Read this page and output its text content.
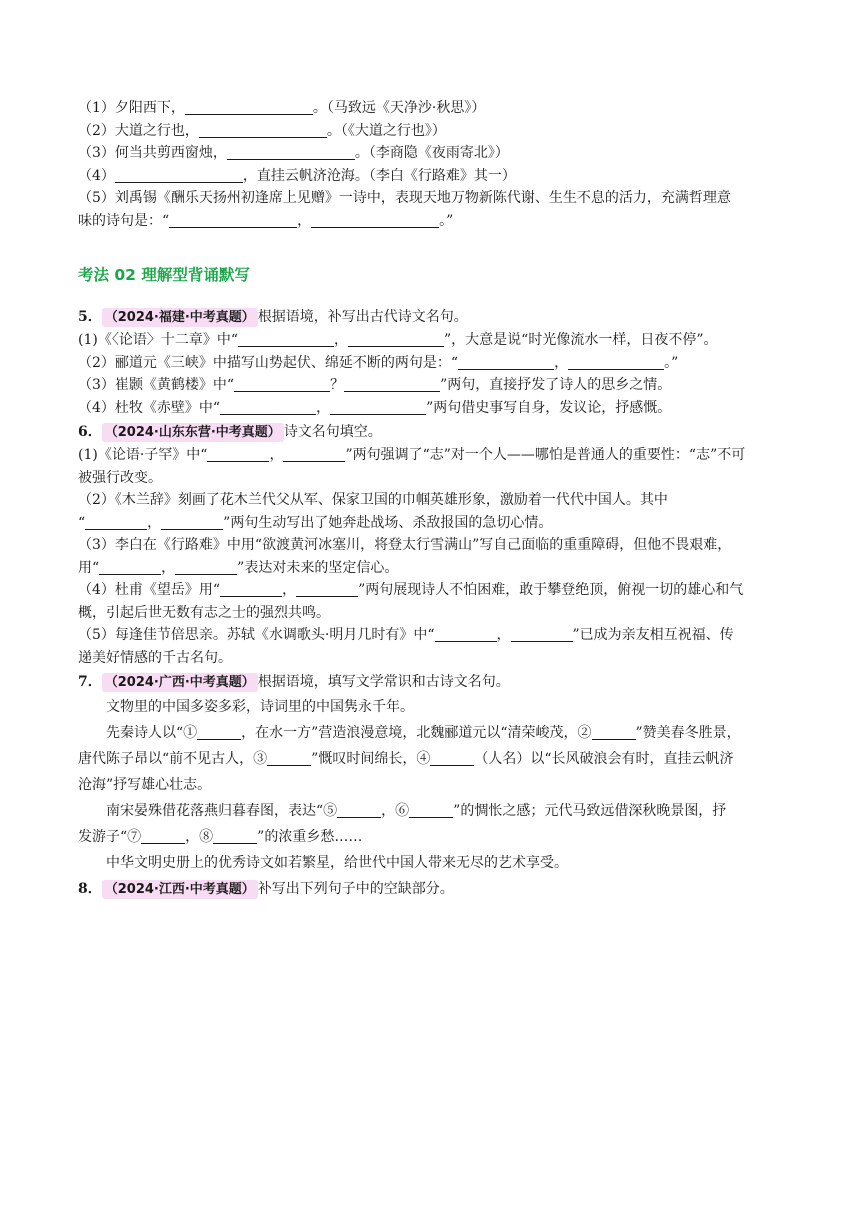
（1）夕阳西下，	。（马致远《天净沙·秋思》）
（2）大道之行也，	。（《大道之行也》）
（3）何当共剪西窗烛，	。（李商隐《夜雨寄北》）
（4）	，直挂云帆济沧海。（李白《行路难》其一）
（5）刘禹锡《酬乐天扬州初逢席上见赠》一诗中，表现天地万物新陈代谢、生生不息的活力，充满哲理意
味的诗句是：“	，	。”
考法 02 理解型背诵默写
5． （2024·福建·中考真题） 根据语境，补写出古代诗文名句。
(1)《〈论语〉十二章》中“	，	”，大意是说“时光像流水一样，日夜不停”。
（2）郦道元《三峡》中描写山势起伏、绵延不断的两句是：“	，	。”
（3）崔颢《黄鹤楼》中“	？	”两句，直接抒发了诗人的思乡之情。
（4）杜牧《赤壁》中“	，	”两句借史事写自身，发议论，抒感慨。
6． （2024·山东东营·中考真题） 诗文名句填空。
(1)《论语·子罕》中“	，	”两句强调了“志”对一个人——哪怕是普通人的重要性：“志”不可
被强行改变。
（2）《木兰辞》刻画了花木兰代父从军、保家卫国的巾帼英雄形象，激励着一代代中国人。其中
“	，	”两句生动写出了她奔赴战场、杀敌报国的急切心情。
（3）李白在《行路难》中用“欲渡黄河冰塞川，将登太行雪满山”写自己面临的重重障碍，但他不畏艰难，
用“	，	”表达对未来的坚定信心。
（4）杜甫《望岳》用“	，	”两句展现诗人不怕困难，敢于攀登绝顶，俯视一切的雄心和气
概，引起后世无数有志之士的强烈共鸣。
（5）每逢佳节倍思亲。苏轼《水调歌头·明月几时有》中“	，	”已成为亲友相互祝福、传
递美好情感的千古名句。
7． （2024·广西·中考真题） 根据语境，填写文学常识和古诗文名句。
文物里的中国多姿多彩，诗词里的中国隽永千年。
先秦诗人以“①	，在水一方”营造浪漫意境，北魏郦道元以“清荣峻茂，②	”赞美春冬胜景，
唐代陈子昂以“前不见古人，③	”慨叹时间绵长，④	（人名）以“长风破浪会有时，直挂云帆济
沧海”抒写雄心壮志。
南宋晏殊借花落燕归暮春图，表达“⑤	，⑥	”的惆怅之感；元代马致远借深秋晚景图，抒
发游子“⑦	，⑧	”的浓重乡愁……
中华文明史册上的优秀诗文如若繁星，给世代中国人带来无尽的艺术享受。
8． （2024·江西·中考真题） 补写出下列句子中的空缺部分。
